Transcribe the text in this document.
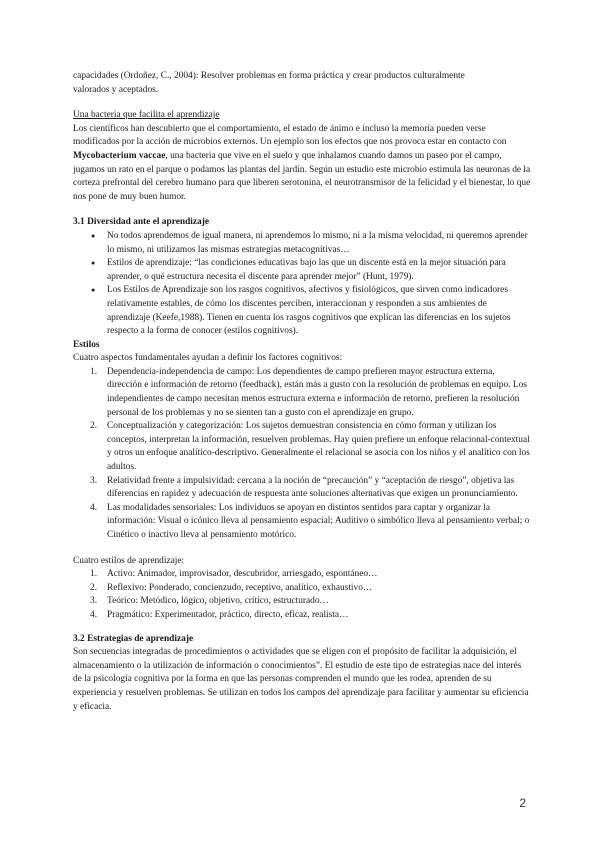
capacidades (Ordoñez, C., 2004): Resolver problemas en forma práctica y crear productos culturalmente

valorados y aceptados.

Una bacteria que facilita el aprendizaje

Los científicos han descubierto que el comportamiento, el estado de ánimo e incluso la memoria pueden verse modificados por la acción de microbios externos. Un ejemplo son los efectos que nos provoca estar en contacto con Mycobacterium vaccae, una bacteria que vive en el suelo y que inhalamos cuando damos un paseo por el campo, jugamos un rato en el parque o podamos las plantas del jardín. Según un estudio este microbio estimula las neuronas de la corteza prefrontal del cerebro humano para que liberen serotonina, el neurotransmisor de la felicidad y el bienestar, lo que nos pone de muy buen humor.

3.1 Diversidad ante el aprendizaje

● No todos aprendemos de igual manera, ni aprendemos lo mismo, ni a la misma velocidad, ni queremos aprender lo mismo, ni utilizamos las mismas estrategias metacognitivas…
● Estilos de aprendizaje: “las condiciones educativas bajo las que un discente está en la mejor situación para aprender, o qué estructura necesita el discente para aprender mejor” (Hunt, 1979).
● Los Estilos de Aprendizaje son los rasgos cognitivos, afectivos y fisiológicos, que sirven como indicadores relativamente estables, de cómo los discentes perciben, interaccionan y responden a sus ambientes de aprendizaje (Keefe,1988). Tienen en cuenta los rasgos cognitivos que explican las diferencias en los sujetos respecto a la forma de conocer (estilos cognitivos).

Estilos

Cuatro aspectos fundamentales ayudan a definir los factores cognitivos:

1. Dependencia-independencia de campo: Los dependientes de campo prefieren mayor estructura externa, dirección e información de retorno (feedback), están más a gusto con la resolución de problemas en equipo. Los independientes de campo necesitan menos estructura externa e información de retorno, prefieren la resolución personal de los problemas y no se sienten tan a gusto con el aprendizaje en grupo.
2. Conceptualización y categorización: Los sujetos demuestran consistencia en cómo forman y utilizan los conceptos, interpretan la información, resuelven problemas. Hay quien prefiere un enfoque relacional-contextual y otros un enfoque analítico-descriptivo. Generalmente el relacional se asocia con los niños y el analítico con los adultos.
3. Relatividad frente a impulsividad: cercana a la noción de “precaución” y “aceptación de riesgo”, objetiva las diferencias en rapidez y adecuación de respuesta ante soluciones alternativas que exigen un pronunciamiento.
4. Las modalidades sensoriales: Los individuos se apoyan en distintos sentidos para captar y organizar la información: Visual o icónico lleva al pensamiento espacial; Auditivo o simbólico lleva al pensamiento verbal; o Cinético o inactivo lleva al pensamiento motórico.

Cuatro estilos de aprendizaje:

1. Activo: Animador, improvisador, descubridor, arriesgado, espontáneo…
2. Reflexivo: Ponderado, concienzudo, receptivo, analítico, exhaustivo…
3. Teórico: Metódico, lógico, objetivo, crítico, estructurado…
4. Pragmático: Experimentador, práctico, directo, eficaz, realista…

3.2 Estrategias de aprendizaje

Son secuencias integradas de procedimientos o actividades que se eligen con el propósito de facilitar la adquisición, el almacenamiento o la utilización de información o conocimientos”. El estudio de este tipo de estrategias nace del interés de la psicología cognitiva por la forma en que las personas comprenden el mundo que les rodea, aprenden de su experiencia y resuelven problemas. Se utilizan en todos los campos del aprendizaje para facilitar y aumentar su eficiencia y eficacia.

2
